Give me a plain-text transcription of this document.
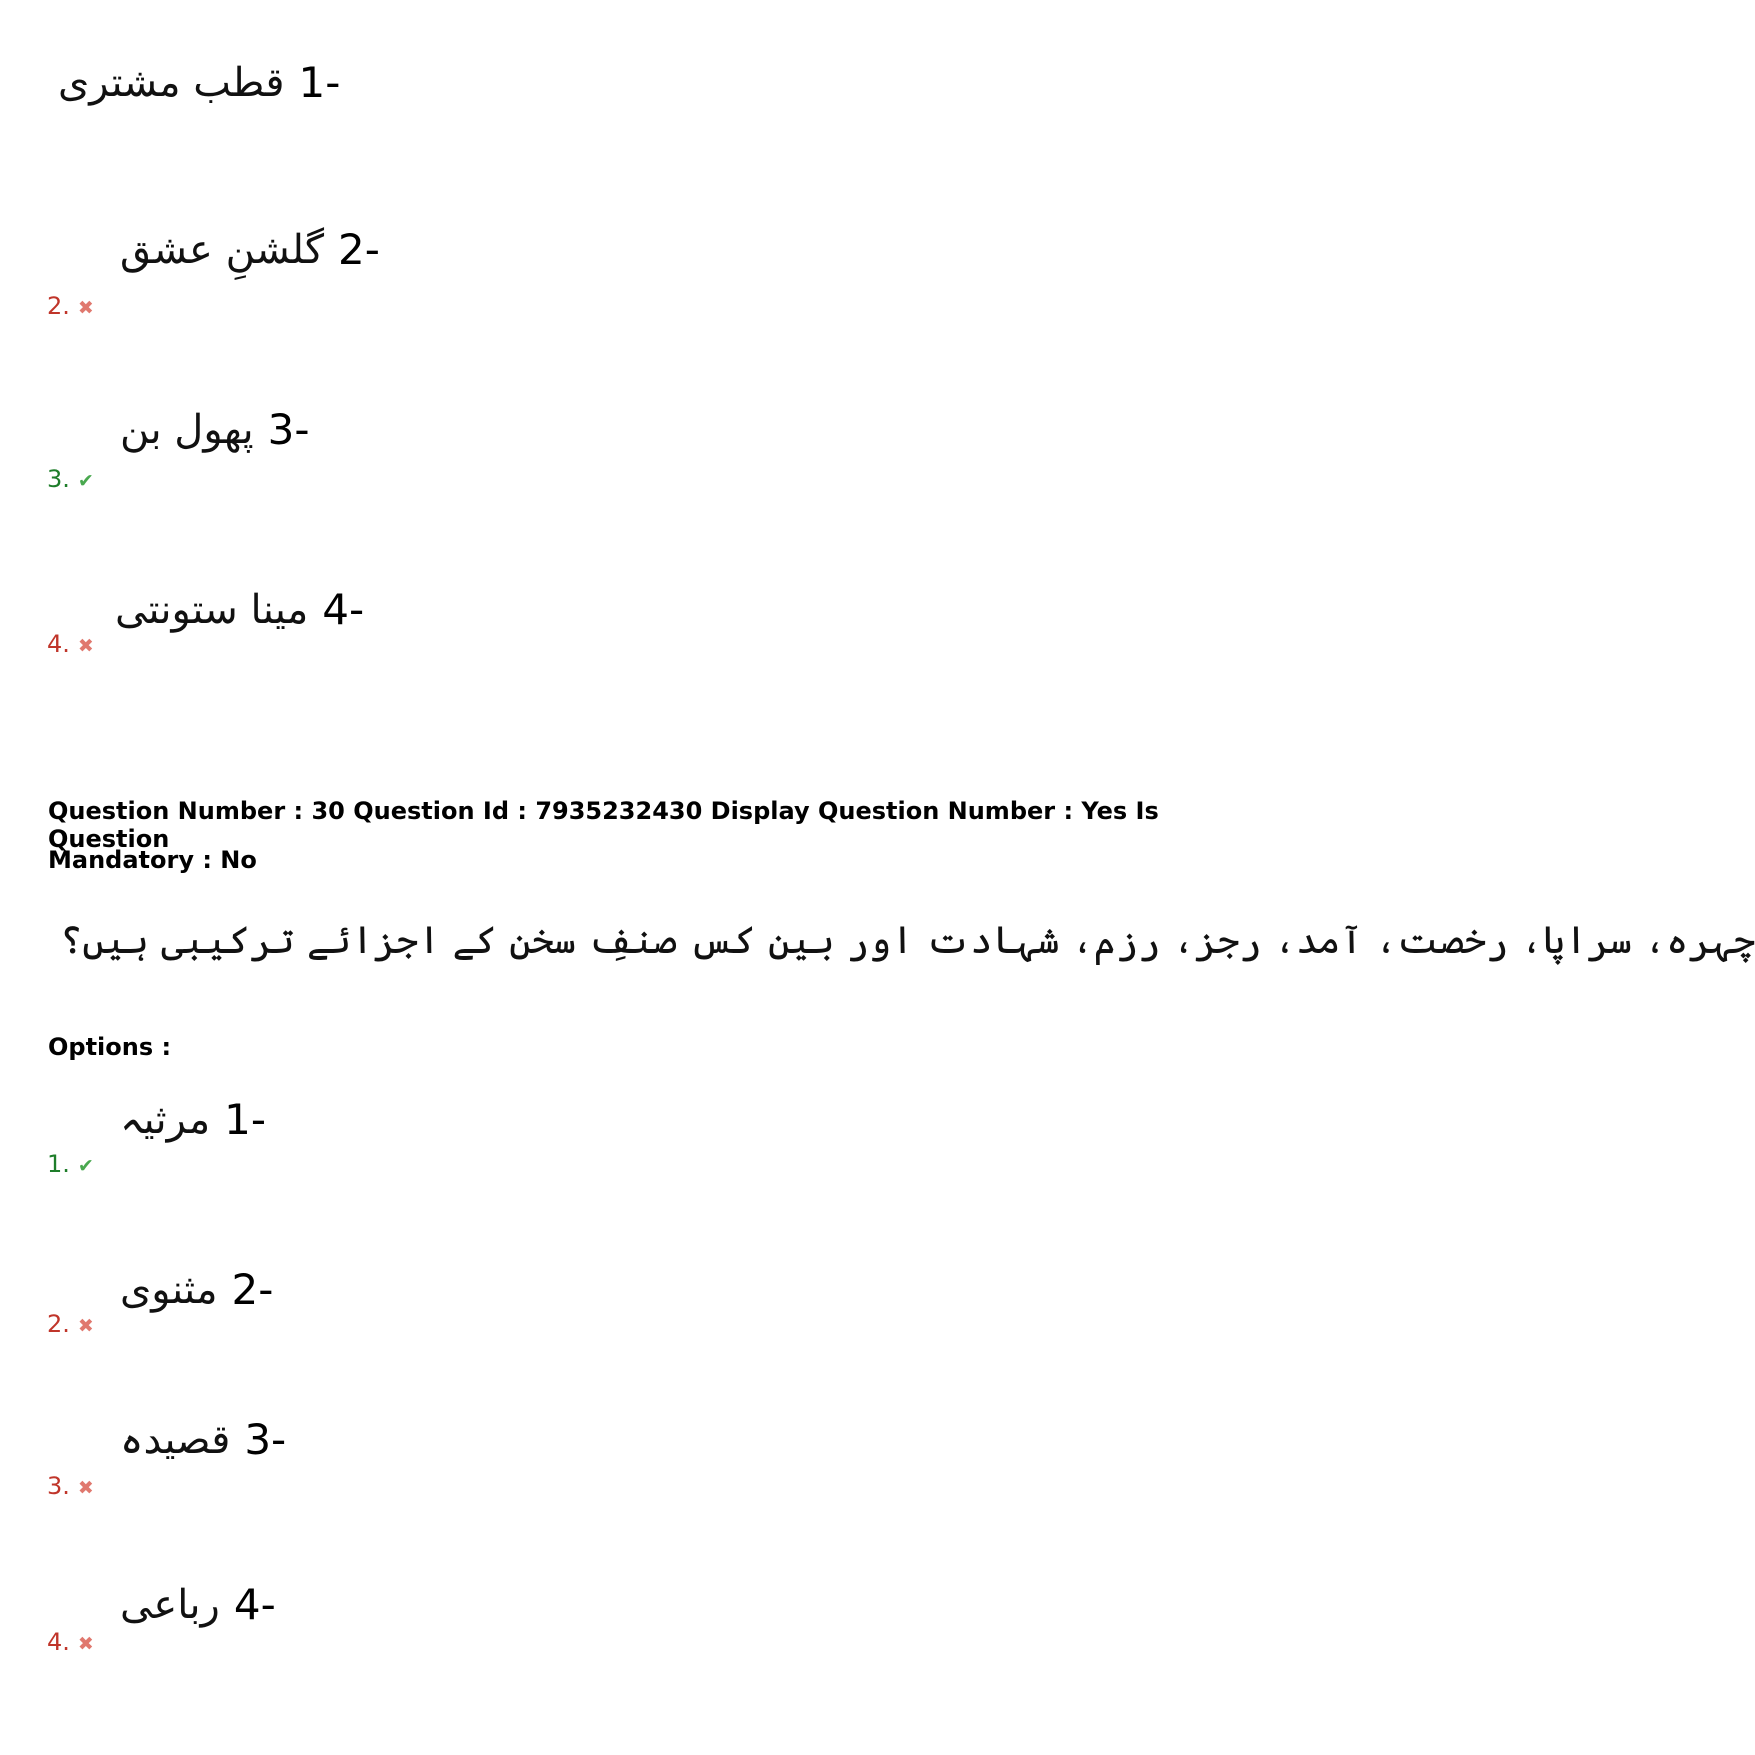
1-
قطب مشتری
2. ✖
2-
گلشنِ عشق
3. ✔
3-
پھول بن
4. ✖
4-
مینا ستونتی
Question Number : 30 Question Id : 7935232430 Display Question Number : Yes Is Question
Mandatory : No
چہرہ، سراپا، رخصت، آمد، رجز، رزم، شہادت اور بین کس صنفِ سخن کے اجزائے ترکیبی ہیں؟
Options :
1. ✔
1-
مرثیہ
2. ✖
2-
مثنوی
3. ✖
3-
قصیدہ
4. ✖
4-
رباعی
